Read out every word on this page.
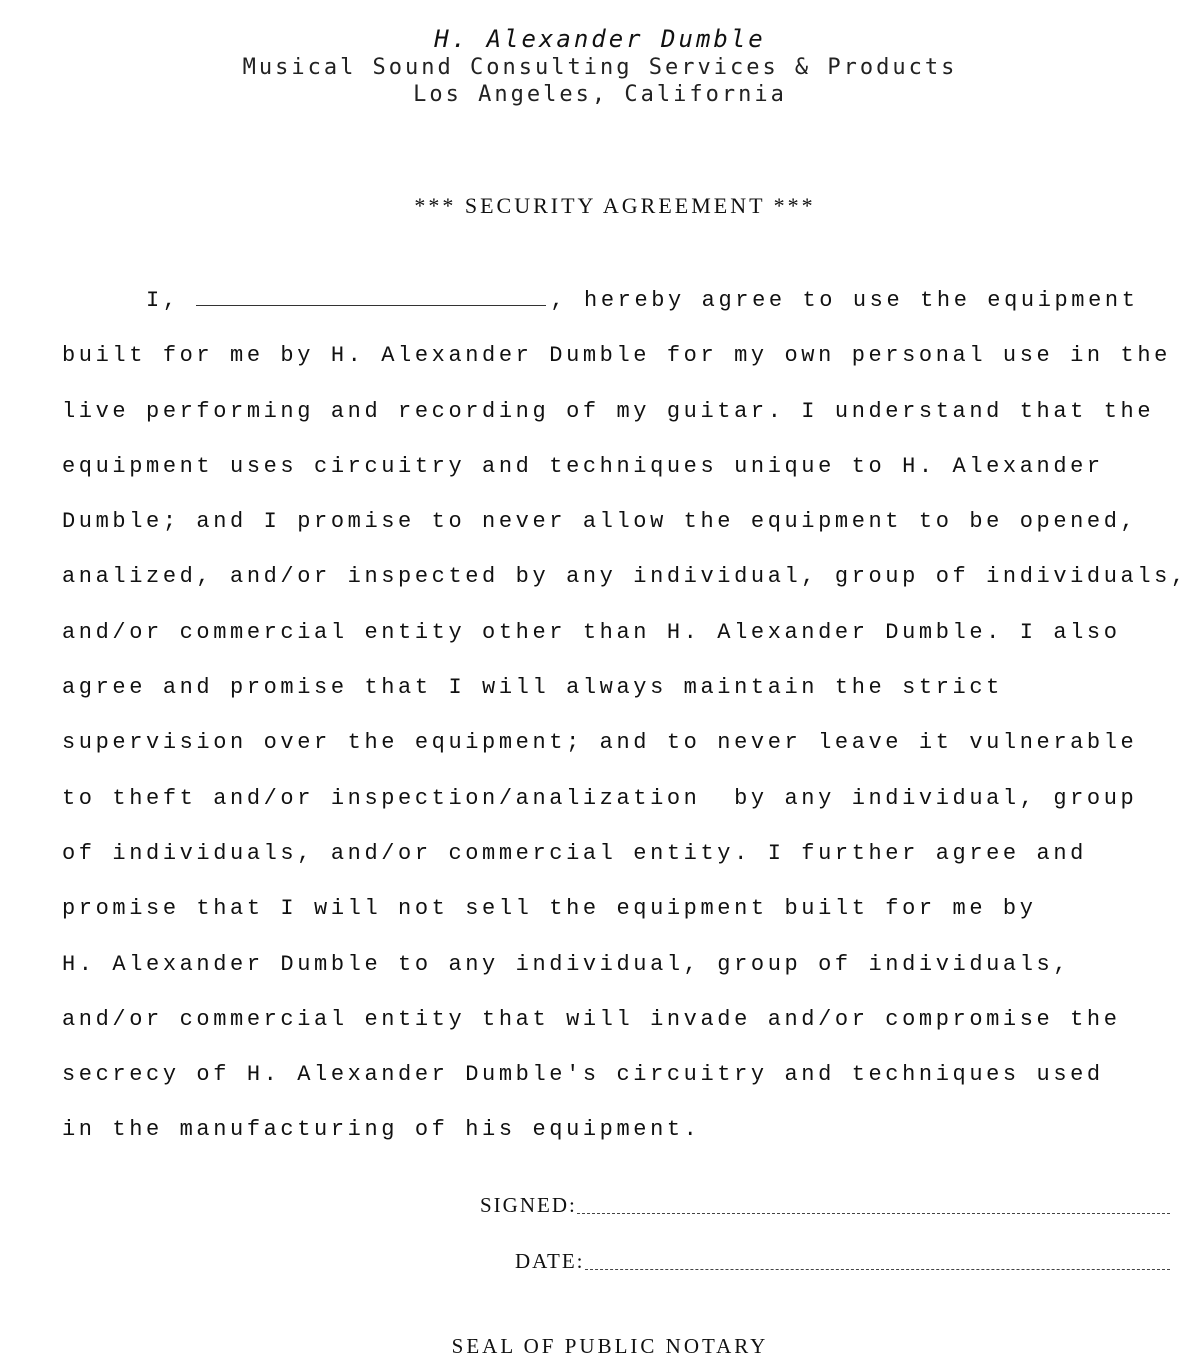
H. Alexander Dumble
Musical Sound Consulting Services & Products
Los Angeles, California
*** SECURITY AGREEMENT ***
I,	, hereby agree to use the equipment
built for me by H. Alexander Dumble for my own personal use in the
live performing and recording of my guitar. I understand that the
equipment uses circuitry and techniques unique to H. Alexander
Dumble; and I promise to never allow the equipment to be opened,
analized, and/or inspected by any individual, group of individuals,
and/or commercial entity other than H. Alexander Dumble. I also
agree and promise that I will always maintain the strict
supervision over the equipment; and to never leave it vulnerable
to theft and/or inspection/analization  by any individual, group
of individuals, and/or commercial entity. I further agree and
promise that I will not sell the equipment built for me by
H. Alexander Dumble to any individual, group of individuals,
and/or commercial entity that will invade and/or compromise the
secrecy of H. Alexander Dumble's circuitry and techniques used
in the manufacturing of his equipment.
SIGNED:
DATE:
SEAL OF PUBLIC NOTARY
